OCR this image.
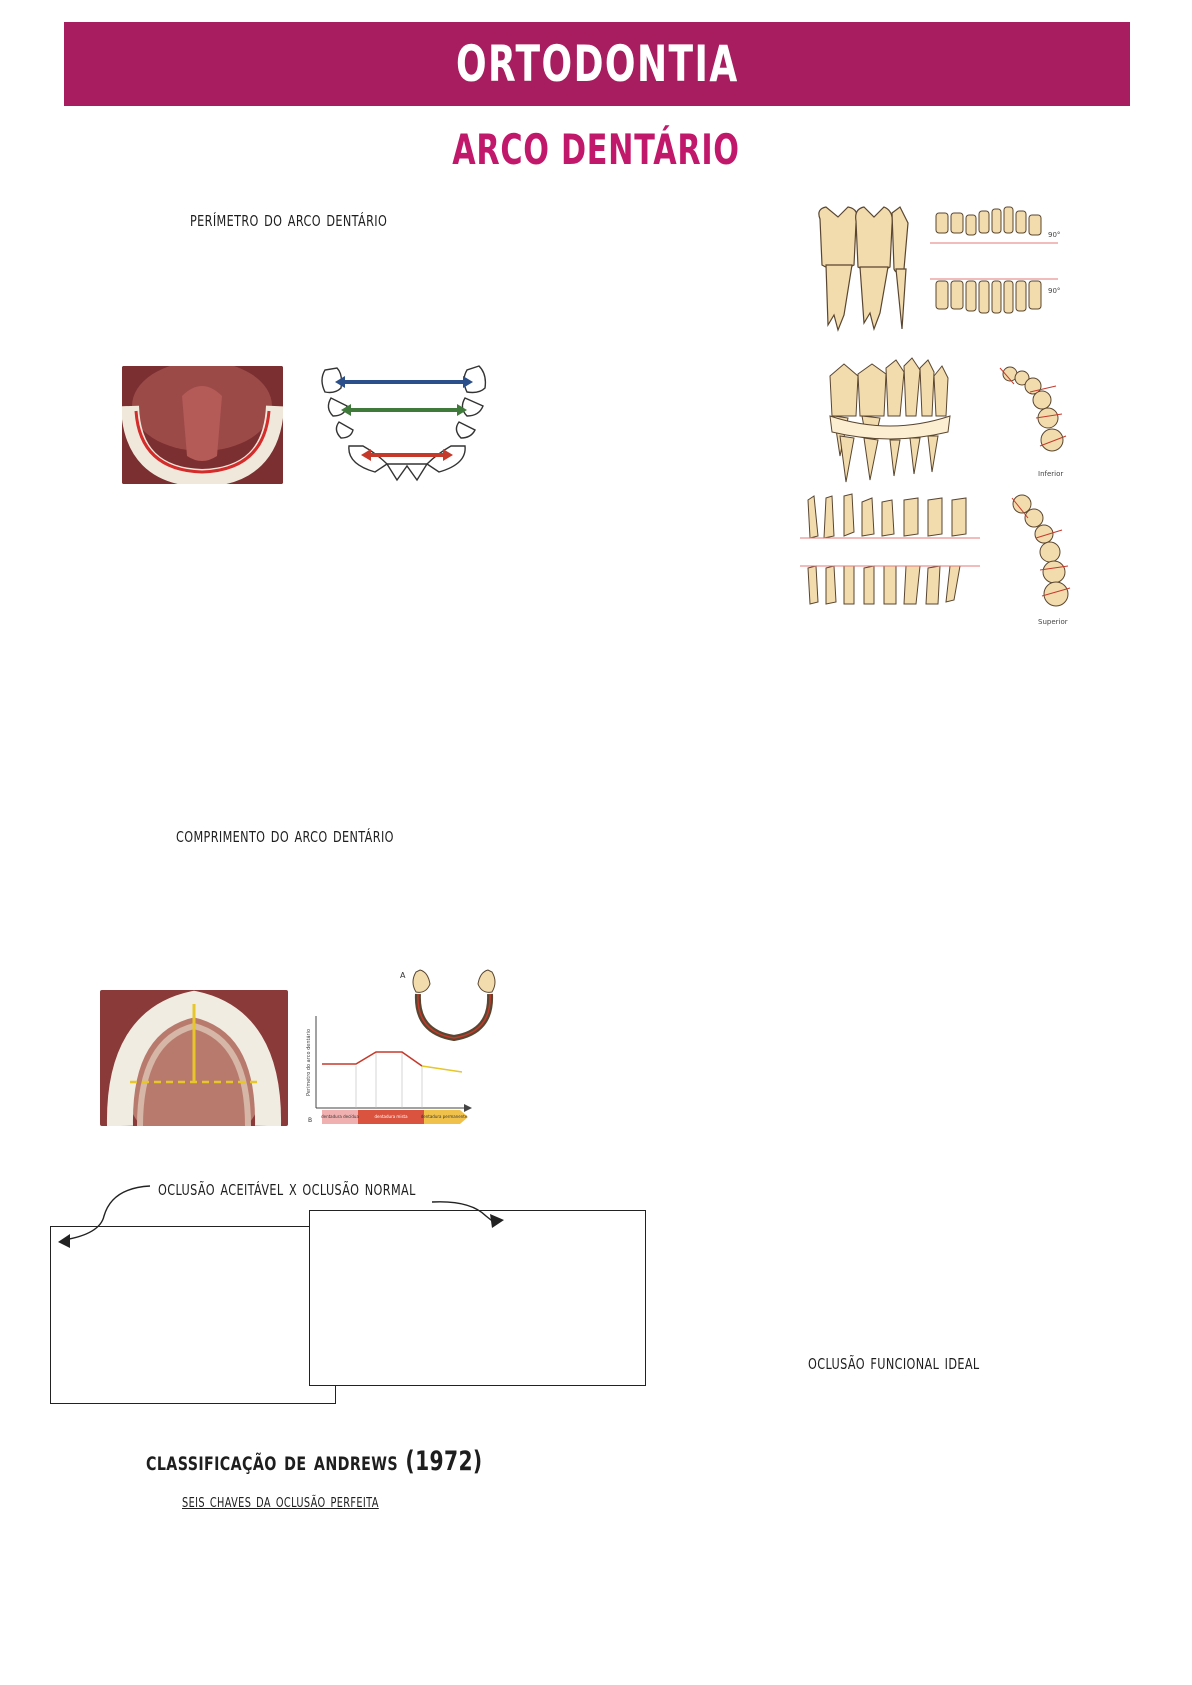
ORTODONTIA
ARCO DENTÁRIO
perímetro do arco dentário
90°
90°
Inferior
Superior
comprimento do arco dentário
A
Perímetro do arco dentário
dentadura decídua	dentadura mista	dentadura permanente
B
oclusão aceitável x oclusão normal
oclusão funcional ideal
classificação de andrews (1972)
seis chaves da oclusão perfeita
